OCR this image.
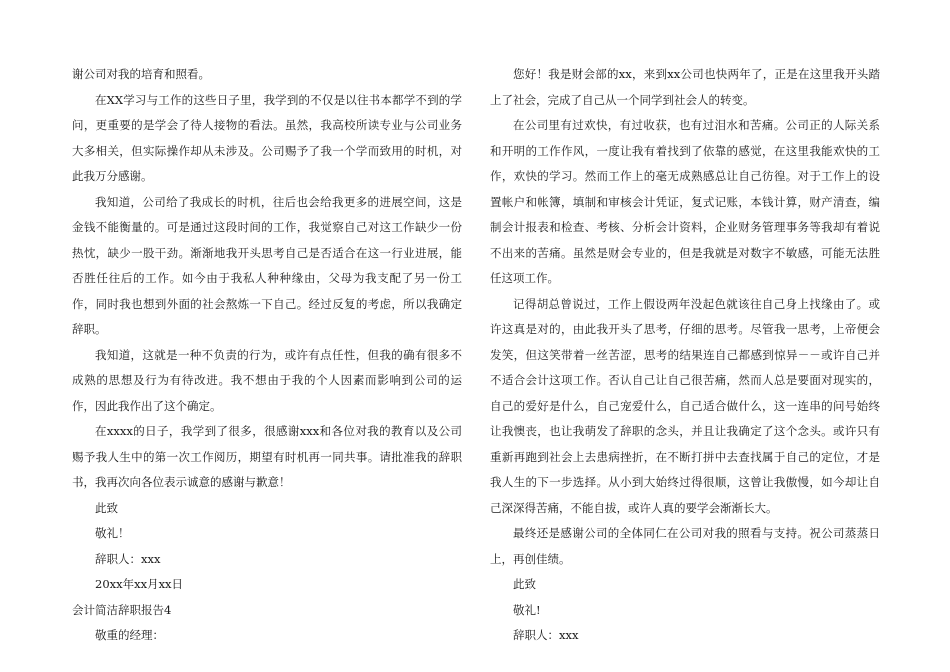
谢公司对我的培育和照看。

在XX学习与工作的这些日子里，我学到的不仅是以往书本都学不到的学问，更重要的是学会了待人接物的看法。虽然，我高校所读专业与公司业务大多相关，但实际操作却从未涉及。公司赐予了我一个学而致用的时机，对此我万分感谢。

我知道，公司给了我成长的时机，往后也会给我更多的进展空间，这是金钱不能衡量的。可是通过这段时间的工作，我觉察自己对这工作缺少一份热忱，缺少一股干劲。渐渐地我开头思考自己是否适合在这一行业进展，能否胜任往后的工作。如今由于我私人种种缘由，父母为我支配了另一份工作，同时我也想到外面的社会熬炼一下自己。经过反复的考虑，所以我确定辞职。

我知道，这就是一种不负责的行为，或许有点任性，但我的确有很多不成熟的思想及行为有待改进。我不想由于我的个人因素而影响到公司的运作，因此我作出了这个确定。

在xxxx的日子，我学到了很多，很感谢xxx和各位对我的教育以及公司赐予我人生中的第一次工作阅历，期望有时机再一同共事。请批准我的辞职书，我再次向各位表示诚意的感谢与歉意！

此致

敬礼！

辞职人：xxx

20xx年xx月xx日

会计简洁辞职报告4

敬重的经理：

您好！我是财会部的xx，来到xx公司也快两年了，正是在这里我开头踏上了社会，完成了自己从一个同学到社会人的转变。

在公司里有过欢快，有过收获，也有过泪水和苦痛。公司正的人际关系和开明的工作作风，一度让我有着找到了依靠的感觉，在这里我能欢快的工作，欢快的学习。然而工作上的毫无成熟感总让自己彷徨。对于工作上的设置帐户和帐簿，填制和审核会计凭证，复式记账，本钱计算，财产清查，编制会计报表和检查、考核、分析会计资料，企业财务管理事务等我却有着说不出来的苦痛。虽然是财会专业的，但是我就是对数字不敏感，可能无法胜任这项工作。

记得胡总曾说过，工作上假设两年没起色就该往自己身上找缘由了。或许这真是对的，由此我开头了思考，仔细的思考。尽管我一思考，上帝便会发笑，但这笑带着一丝苦涩，思考的结果连自己都感到惊异－－或许自己并不适合会计这项工作。否认自己让自己很苦痛，然而人总是要面对现实的，自己的爱好是什么，自己宠爱什么，自己适合做什么，这一连串的问号始终让我懊丧，也让我萌发了辞职的念头，并且让我确定了这个念头。或许只有重新再跑到社会上去患病挫折，在不断打拼中去查找属于自己的定位，才是我人生的下一步选择。从小到大始终过得很顺，这曾让我傲慢，如今却让自己深深得苦痛，不能自拔，或许人真的要学会渐渐长大。

最终还是感谢公司的全体同仁在公司对我的照看与支持。祝公司蒸蒸日上，再创佳绩。

此致

敬礼!

辞职人：xxx
